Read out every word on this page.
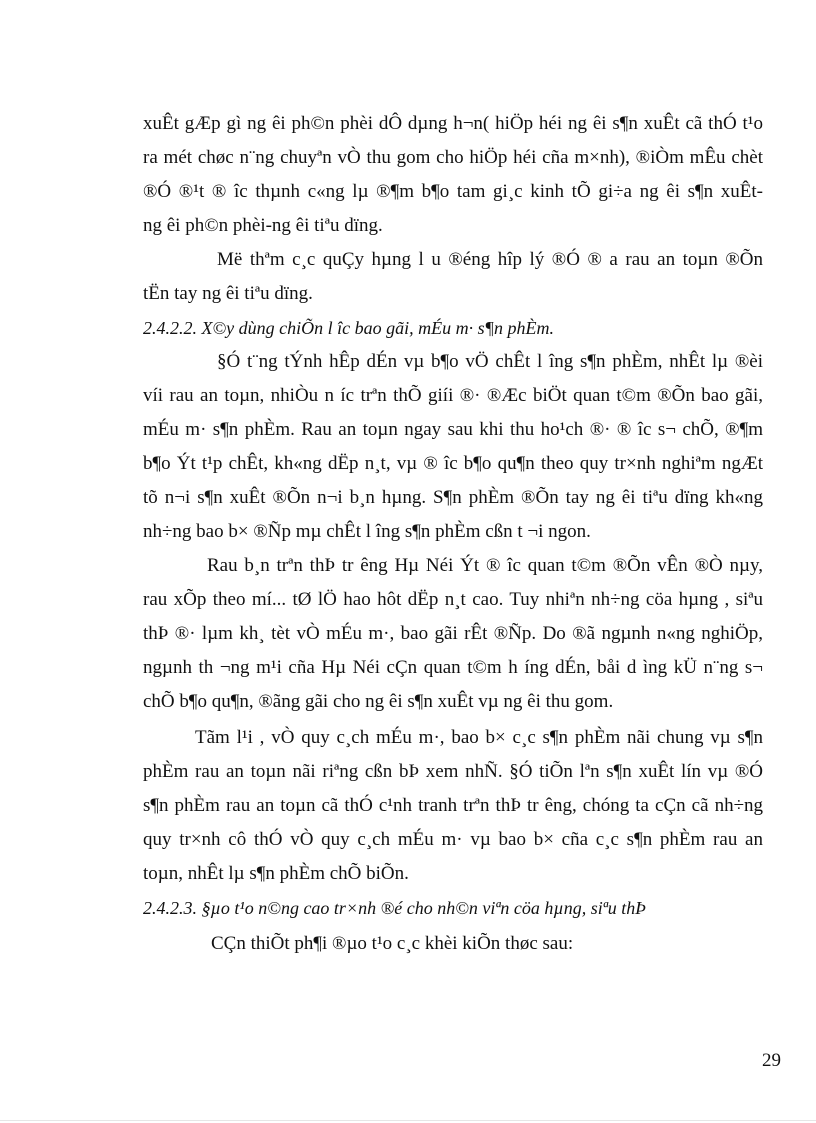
xuÊt gÆp gì ng êi ph©n phèi dÔ dµng h¬n( hiÖp héi ng êi s¶n xuÊt cã thÓ t¹o
ra mét chøc n¨ng chuyªn vÒ thu gom cho hiÖp héi cña m×nh), ®iÒm mÊu chèt
®Ó ®¹t ® îc thµnh c«ng lµ ®¶m b¶o tam gi¸c kinh tÕ gi÷a ng êi s¶n xuÊt-
ng êi ph©n phèi-ng êi tiªu dïng.
Më thªm c¸c quÇy hµng l u ®éng hîp lý ®Ó ® a rau an toµn ®Õn
tËn tay ng êi tiªu dïng.
2.4.2.2. X©y dùng chiÕn l îc bao gãi, mÉu m· s¶n phÈm.
§Ó t¨ng tÝnh hÊp dÉn vµ b¶o vÖ chÊt l îng s¶n phÈm, nhÊt lµ ®èi
víi rau an toµn, nhiÒu n íc trªn thÕ giíi ®· ®Æc biÖt quan t©m ®Õn bao gãi,
mÉu m· s¶n phÈm. Rau an toµn ngay sau khi thu ho¹ch ®· ® îc s¬ chÕ, ®¶m
b¶o Ýt t¹p chÊt, kh«ng dËp n¸t, vµ ® îc b¶o qu¶n theo quy tr×nh nghiªm ngÆt
tõ n¬i s¶n xuÊt ®Õn n¬i b¸n hµng. S¶n phÈm ®Õn tay ng êi tiªu dïng kh«ng
nh÷ng bao b× ®Ñp mµ chÊt l îng s¶n phÈm cßn t ¬i ngon.
Rau b¸n trªn thÞ tr êng Hµ Néi Ýt ® îc quan t©m ®Õn vÊn ®Ò nµy,
rau xÕp theo mí... tØ lÖ hao hôt dËp n¸t cao. Tuy nhiªn nh÷ng cöa hµng , siªu
thÞ ®· lµm kh¸ tèt vÒ mÉu m·, bao gãi rÊt ®Ñp. Do ®ã ngµnh n«ng nghiÖp,
ngµnh th ¬ng m¹i cña Hµ Néi cÇn quan t©m h íng dÉn, båi d ìng kÜ n¨ng s¬
chÕ b¶o qu¶n, ®ãng gãi cho ng êi s¶n xuÊt vµ ng êi thu gom.
Tãm l¹i , vÒ quy c¸ch mÉu m·, bao b× c¸c s¶n phÈm nãi chung vµ s¶n
phÈm rau an toµn nãi riªng cßn bÞ xem nhÑ. §Ó tiÕn lªn s¶n xuÊt lín vµ ®Ó
s¶n phÈm rau an toµn cã thÓ c¹nh tranh trªn thÞ tr êng, chóng ta cÇn cã nh÷ng
quy tr×nh cô thÓ vÒ quy c¸ch mÉu m· vµ bao b× cña c¸c s¶n phÈm rau an
toµn, nhÊt lµ s¶n phÈm chÕ biÕn.
2.4.2.3. §µo t¹o n©ng cao tr×nh ®é cho nh©n viªn cöa hµng, siªu thÞ
CÇn thiÕt ph¶i ®µo t¹o c¸c khèi kiÕn thøc sau:
29
